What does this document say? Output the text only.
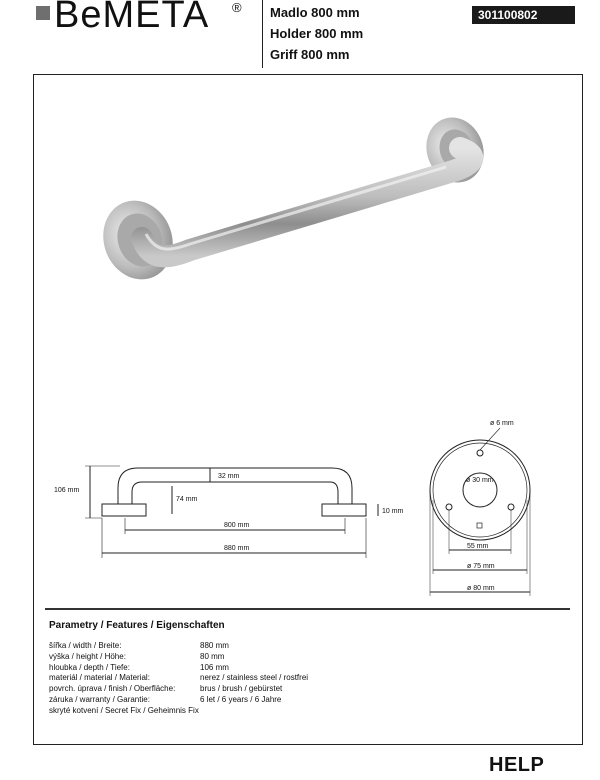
BeMETA ® Madlo 800 mm
Holder 800 mm
Griff 800 mm
301100802
106 mm
74 mm
32 mm
10 mm
800 mm
880 mm
ø 6 mm
ø 30 mm
55 mm
ø 75 mm
ø 80 mm
Parametry / Features / Eigenschaften
šířka / width / Breite:	880 mm
výška / height / Höhe:	80 mm
hloubka / depth / Tiefe:	106 mm
materiál / material / Material:	nerez / stainless steel / rostfrei
povrch. úprava / finish / Oberfläche:	brus / brush / gebürstet
záruka / warranty / Garantie:	6 let / 6 years / 6 Jahre
skryté kotvení / Secret Fix / Geheimnis Fix	
HELP
